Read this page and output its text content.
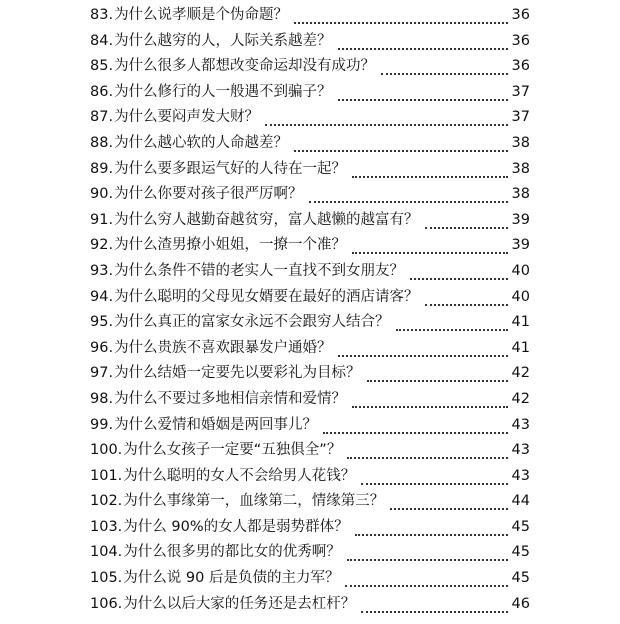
83. 为什么说孝顺是个伪命题？	36
84. 为什么越穷的人，人际关系越差？	36
85. 为什么很多人都想改变命运却没有成功？	36
86. 为什么修行的人一般遇不到骗子？	37
87. 为什么要闷声发大财？	37
88. 为什么越心软的人命越差？	38
89. 为什么要多跟运气好的人待在一起？	38
90. 为什么你要对孩子很严厉啊？	38
91. 为什么穷人越勤奋越贫穷，富人越懒的越富有？	39
92. 为什么渣男撩小姐姐，一撩一个准？	39
93. 为什么条件不错的老实人一直找不到女朋友？	40
94. 为什么聪明的父母见女婿要在最好的酒店请客？	40
95. 为什么真正的富家女永远不会跟穷人结合？	41
96. 为什么贵族不喜欢跟暴发户通婚？	41
97. 为什么结婚一定要先以要彩礼为目标？	42
98. 为什么不要过多地相信亲情和爱情？	42
99. 为什么爱情和婚姻是两回事儿？	43
100. 为什么女孩子一定要“五独俱全”？	43
101. 为什么聪明的女人不会给男人花钱？	43
102. 为什么事缘第一，血缘第二，情缘第三？	44
103. 为什么 90%的女人都是弱势群体？	45
104. 为什么很多男的都比女的优秀啊？	45
105. 为什么说 90 后是负债的主力军？	45
106. 为什么以后大家的任务还是去杠杆？	46
